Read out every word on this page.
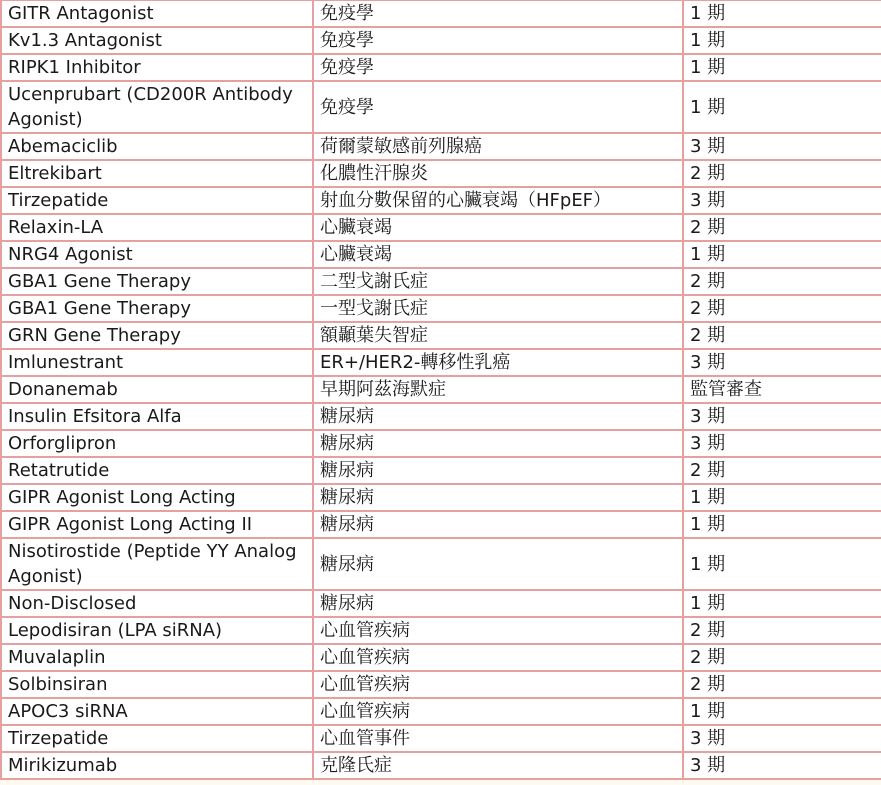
GITR Antagonist	免疫學	1 期
Kv1.3 Antagonist	免疫學	1 期
RIPK1 Inhibitor	免疫學	1 期
Ucenprubart (CD200R Antibody Agonist)	免疫學	1 期
Abemaciclib	荷爾蒙敏感前列腺癌	3 期
Eltrekibart	化膿性汗腺炎	2 期
Tirzepatide	射血分數保留的心臟衰竭（HFpEF）	3 期
Relaxin-LA	心臟衰竭	2 期
NRG4 Agonist	心臟衰竭	1 期
GBA1 Gene Therapy	二型戈謝氏症	2 期
GBA1 Gene Therapy	一型戈謝氏症	2 期
GRN Gene Therapy	額顳葉失智症	2 期
Imlunestrant	ER+/HER2-轉移性乳癌	3 期
Donanemab	早期阿茲海默症	監管審查
Insulin Efsitora Alfa	糖尿病	3 期
Orforglipron	糖尿病	3 期
Retatrutide	糖尿病	2 期
GIPR Agonist Long Acting	糖尿病	1 期
GIPR Agonist Long Acting II	糖尿病	1 期
Nisotirostide (Peptide YY Analog Agonist)	糖尿病	1 期
Non-Disclosed	糖尿病	1 期
Lepodisiran (LPA siRNA)	心血管疾病	2 期
Muvalaplin	心血管疾病	2 期
Solbinsiran	心血管疾病	2 期
APOC3 siRNA	心血管疾病	1 期
Tirzepatide	心血管事件	3 期
Mirikizumab	克隆氏症	3 期
